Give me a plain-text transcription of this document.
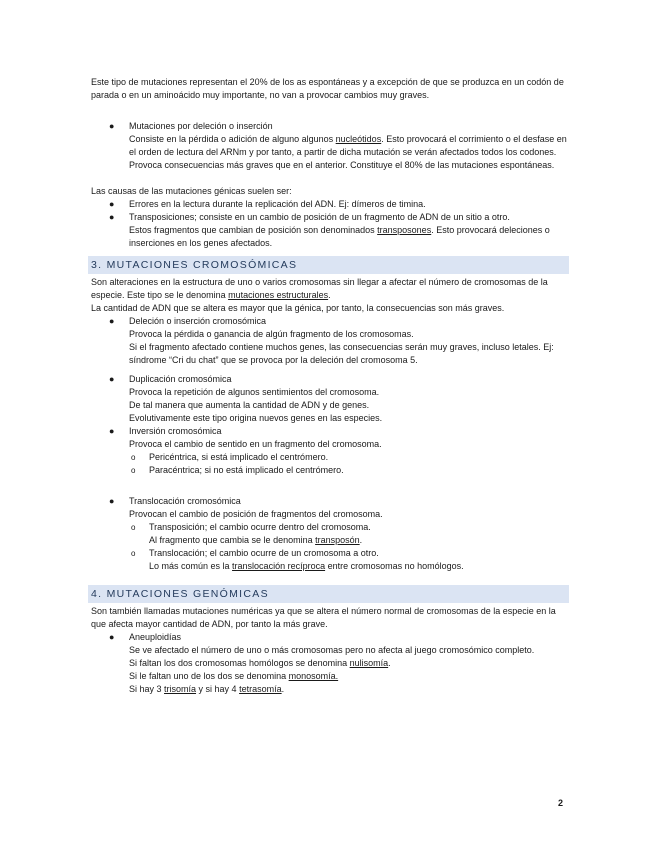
Este tipo de mutaciones representan el 20% de los as espontáneas y a excepción de que se produzca en un codón de parada o en un aminoácido muy importante, no van a provocar cambios muy graves.

● Mutaciones por deleción o inserción

Consiste en la pérdida o adición de alguno algunos nucleótidos. Esto provocará el corrimiento o el desfase en el orden de lectura del ARNm y por tanto, a partir de dicha mutación se verán afectados todos los codones. Provoca consecuencias más graves que en el anterior. Constituye el 80% de las mutaciones espontáneas.

Las causas de las mutaciones génicas suelen ser:

● Errores en la lectura durante la replicación del ADN. Ej: dímeros de timina.

● Transposiciones; consiste en un cambio de posición de un fragmento de ADN de un sitio a otro.

Estos fragmentos que cambian de posición son denominados transposones. Esto provocará deleciones o inserciones en los genes afectados.

3. MUTACIONES CROMOSÓMICAS

Son alteraciones en la estructura de uno o varios cromosomas sin llegar a afectar el número de cromosomas de la especie. Este tipo se le denomina mutaciones estructurales.

La cantidad de ADN que se altera es mayor que la génica, por tanto, la consecuencias son más graves.

● Deleción o inserción cromosómica

Provoca la pérdida o ganancia de algún fragmento de los cromosomas.

Si el fragmento afectado contiene muchos genes, las consecuencias serán muy graves, incluso letales. Ej: síndrome “Cri du chat” que se provoca por la deleción del cromosoma 5.

● Duplicación cromosómica

Provoca la repetición de algunos sentimientos del cromosoma.

De tal manera que aumenta la cantidad de ADN y de genes.

Evolutivamente este tipo origina nuevos genes en las especies.

● Inversión cromosómica

Provoca el cambio de sentido en un fragmento del cromosoma.

o Pericéntrica, si está implicado el centrómero.

o Paracéntrica; si no está implicado el centrómero.

● Translocación cromosómica

Provocan el cambio de posición de fragmentos del cromosoma.

o Transposición; el cambio ocurre dentro del cromosoma.

Al fragmento que cambia se le denomina transposón.

o Translocación; el cambio ocurre de un cromosoma a otro.

Lo más común es la translocación recíproca entre cromosomas no homólogos.

4. MUTACIONES GENÓMICAS

Son también llamadas mutaciones numéricas ya que se altera el número normal de cromosomas de la especie en la que afecta mayor cantidad de ADN, por tanto la más grave.

● Aneuploidías

Se ve afectado el número de uno o más cromosomas pero no afecta al juego cromosómico completo.

Si faltan los dos cromosomas homólogos se denomina nulisomía.

Si le faltan uno de los dos se denomina monosomía.

Si hay 3 trisomía y si hay 4 tetrasomía.

2
